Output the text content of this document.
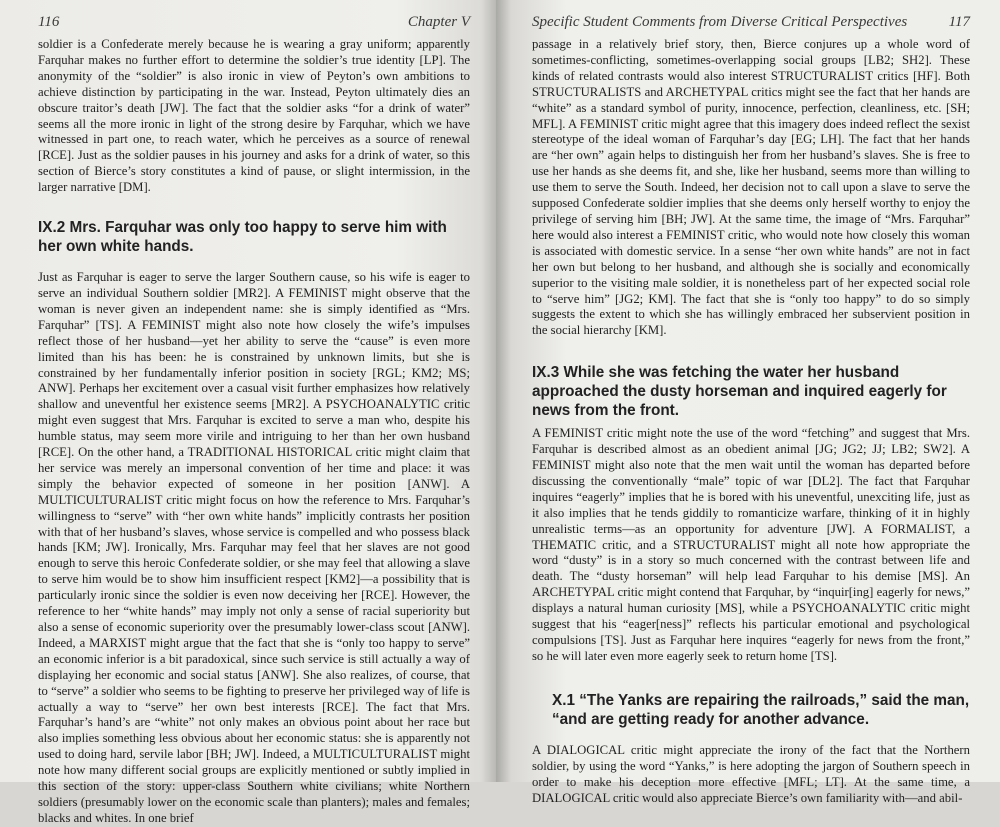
116	Chapter V

soldier is a Confederate merely because he is wearing a gray uniform; apparently Farquhar makes no further effort to determine the soldier’s true identity [LP]. The anonymity of the “soldier” is also ironic in view of Peyton’s own ambitions to achieve distinction by participating in the war. Instead, Peyton ultimately dies an obscure traitor’s death [JW]. The fact that the soldier asks “for a drink of water” seems all the more ironic in light of the strong desire by Farquhar, which we have witnessed in part one, to reach water, which he perceives as a source of renewal [RCE]. Just as the soldier pauses in his journey and asks for a drink of water, so this section of Bierce’s story constitutes a kind of pause, or slight intermission, in the larger narrative [DM].

IX.2 Mrs. Farquhar was only too happy to serve him with her own white hands.

Just as Farquhar is eager to serve the larger Southern cause, so his wife is eager to serve an individual Southern soldier [MR2]. A FEMINIST might observe that the woman is never given an independent name: she is simply identified as “Mrs. Farquhar” [TS]. A FEMINIST might also note how closely the wife’s impulses reflect those of her husband—yet her ability to serve the “cause” is even more limited than his has been: he is constrained by unknown limits, but she is constrained by her fundamentally inferior position in society [RGL; KM2; MS; ANW]. Perhaps her excitement over a casual visit further emphasizes how relatively shallow and uneventful her existence seems [MR2]. A PSYCHOANALYTIC critic might even suggest that Mrs. Farquhar is excited to serve a man who, despite his humble status, may seem more virile and intriguing to her than her own husband [RCE]. On the other hand, a TRADITIONAL HISTORICAL critic might claim that her service was merely an impersonal convention of her time and place: it was simply the behavior expected of someone in her position [ANW]. A MULTICULTURALIST critic might focus on how the reference to Mrs. Farquhar’s willingness to “serve” with “her own white hands” implicitly contrasts her position with that of her husband’s slaves, whose service is compelled and who possess black hands [KM; JW]. Ironically, Mrs. Farquhar may feel that her slaves are not good enough to serve this heroic Confederate soldier, or she may feel that allowing a slave to serve him would be to show him insufficient respect [KM2]—a possibility that is particularly ironic since the soldier is even now deceiving her [RCE]. However, the reference to her “white hands” may imply not only a sense of racial superiority but also a sense of economic superiority over the presumably lower-class scout [ANW]. Indeed, a MARXIST might argue that the fact that she is “only too happy to serve” an economic inferior is a bit paradoxical, since such service is still actually a way of displaying her economic and social status [ANW]. She also realizes, of course, that to “serve” a soldier who seems to be fighting to preserve her privileged way of life is actually a way to “serve” her own best interests [RCE]. The fact that Mrs. Farquhar’s hand’s are “white” not only makes an obvious point about her race but also implies something less obvious about her economic status: she is apparently not used to doing hard, servile labor [BH; JW]. Indeed, a MULTICULTURALIST might note how many different social groups are explicitly mentioned or subtly implied in this section of the story: upper-class Southern white civilians; white Northern soldiers (presumably lower on the economic scale than planters); males and females; blacks and whites. In one brief

Specific Student Comments from Diverse Critical Perspectives	117

passage in a relatively brief story, then, Bierce conjures up a whole word of sometimes-conflicting, sometimes-overlapping social groups [LB2; SH2]. These kinds of related contrasts would also interest STRUCTURALIST critics [HF]. Both STRUCTURALISTS and ARCHETYPAL critics might see the fact that her hands are “white” as a standard symbol of purity, innocence, perfection, cleanliness, etc. [SH; MFL]. A FEMINIST critic might agree that this imagery does indeed reflect the sexist stereotype of the ideal woman of Farquhar’s day [EG; LH]. The fact that her hands are “her own” again helps to distinguish her from her husband’s slaves. She is free to use her hands as she deems fit, and she, like her husband, seems more than willing to use them to serve the South. Indeed, her decision not to call upon a slave to serve the supposed Confederate soldier implies that she deems only herself worthy to enjoy the privilege of serving him [BH; JW]. At the same time, the image of “Mrs. Farquhar” here would also interest a FEMINIST critic, who would note how closely this woman is associated with domestic service. In a sense “her own white hands” are not in fact her own but belong to her husband, and although she is socially and economically superior to the visiting male soldier, it is nonetheless part of her expected social role to “serve him” [JG2; KM]. The fact that she is “only too happy” to do so simply suggests the extent to which she has willingly embraced her subservient position in the social hierarchy [KM].

IX.3 While she was fetching the water her husband approached the dusty horseman and inquired eagerly for news from the front.

A FEMINIST critic might note the use of the word “fetching” and suggest that Mrs. Farquhar is described almost as an obedient animal [JG; JG2; JJ; LB2; SW2]. A FEMINIST might also note that the men wait until the woman has departed before discussing the conventionally “male” topic of war [DL2]. The fact that Farquhar inquires “eagerly” implies that he is bored with his uneventful, unexciting life, just as it also implies that he tends giddily to romanticize warfare, thinking of it in highly unrealistic terms—as an opportunity for adventure [JW]. A FORMALIST, a THEMATIC critic, and a STRUCTURALIST might all note how appropriate the word “dusty” is in a story so much concerned with the contrast between life and death. The “dusty horseman” will help lead Farquhar to his demise [MS]. An ARCHETYPAL critic might contend that Farquhar, by “inquir[ing] eagerly for news,” displays a natural human curiosity [MS], while a PSYCHOANALYTIC critic might suggest that his “eager[ness]” reflects his particular emotional and psychological compulsions [TS]. Just as Farquhar here inquires “eagerly for news from the front,” so he will later even more eagerly seek to return home [TS].

X.1 “The Yanks are repairing the railroads,” said the man, “and are getting ready for another advance.

A DIALOGICAL critic might appreciate the irony of the fact that the Northern soldier, by using the word “Yanks,” is here adopting the jargon of Southern speech in order to make his deception more effective [MFL; LT]. At the same time, a DIALOGICAL critic would also appreciate Bierce’s own familiarity with—and abil-
